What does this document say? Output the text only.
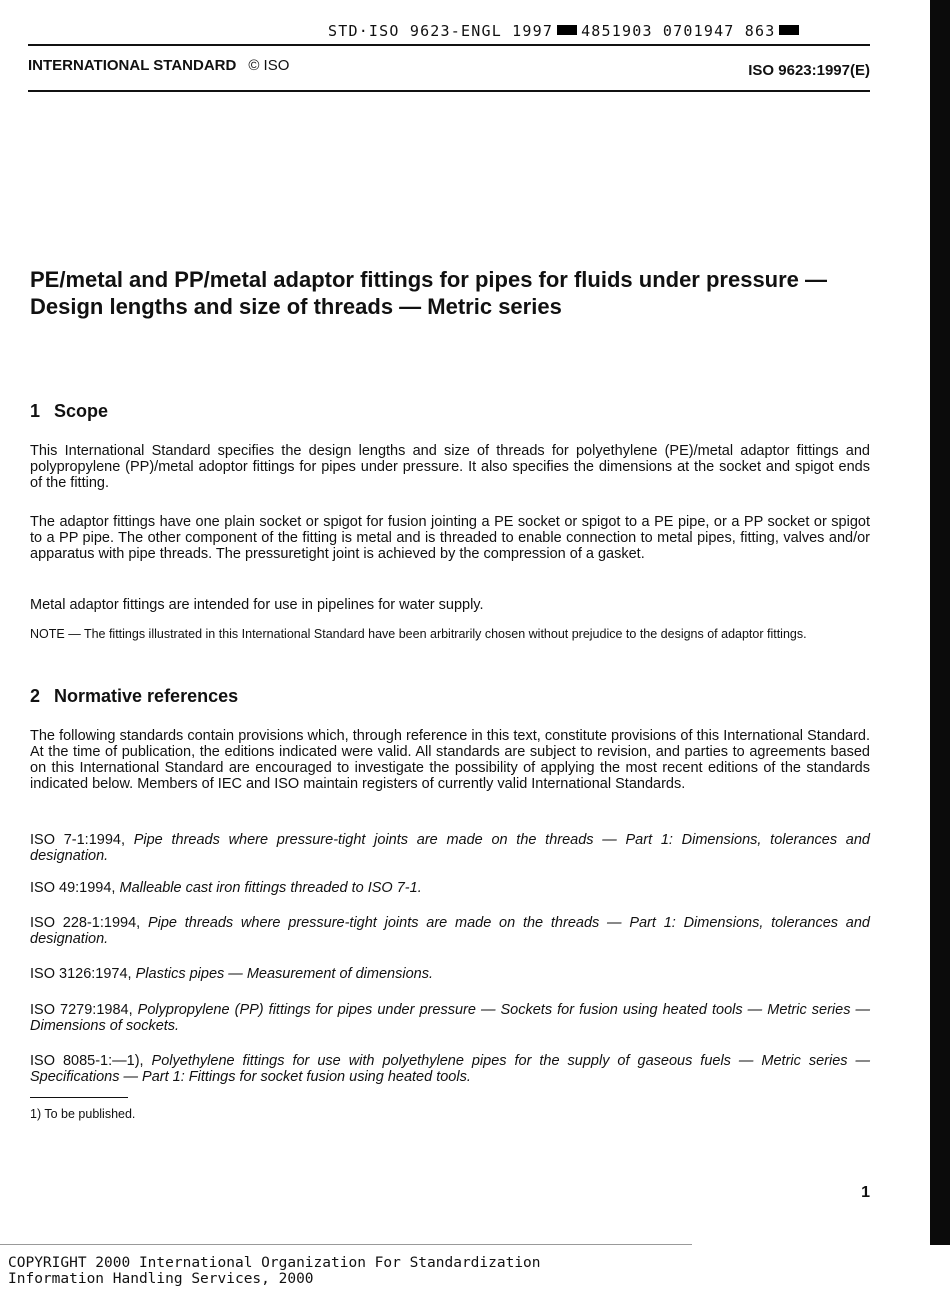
STD·ISO 9623-ENGL 1997 4851903 0701947 863
INTERNATIONAL STANDARD © ISO	ISO 9623:1997(E)
PE/metal and PP/metal adaptor fittings for pipes for fluids under pressure — Design lengths and size of threads — Metric series
1 Scope

This International Standard specifies the design lengths and size of threads for polyethylene (PE)/metal adaptor fittings and polypropylene (PP)/metal adoptor fittings for pipes under pressure. It also specifies the dimensions at the socket and spigot ends of the fitting.

The adaptor fittings have one plain socket or spigot for fusion jointing a PE socket or spigot to a PE pipe, or a PP socket or spigot to a PP pipe. The other component of the fitting is metal and is threaded to enable connection to metal pipes, fitting, valves and/or apparatus with pipe threads. The pressuretight joint is achieved by the compression of a gasket.

Metal adaptor fittings are intended for use in pipelines for water supply.

NOTE — The fittings illustrated in this International Standard have been arbitrarily chosen without prejudice to the designs of adaptor fittings.

2 Normative references

The following standards contain provisions which, through reference in this text, constitute provisions of this International Standard. At the time of publication, the editions indicated were valid. All standards are subject to revision, and parties to agreements based on this International Standard are encouraged to investigate the possibility of applying the most recent editions of the standards indicated below. Members of IEC and ISO maintain registers of currently valid International Standards.

ISO 7-1:1994, Pipe threads where pressure-tight joints are made on the threads — Part 1: Dimensions, tolerances and designation.

ISO 49:1994, Malleable cast iron fittings threaded to ISO 7-1.

ISO 228-1:1994, Pipe threads where pressure-tight joints are made on the threads — Part 1: Dimensions, tolerances and designation.

ISO 3126:1974, Plastics pipes — Measurement of dimensions.

ISO 7279:1984, Polypropylene (PP) fittings for pipes under pressure — Sockets for fusion using heated tools — Metric series — Dimensions of sockets.

ISO 8085-1:—1), Polyethylene fittings for use with polyethylene pipes for the supply of gaseous fuels — Metric series — Specifications — Part 1: Fittings for socket fusion using heated tools.

1) To be published.

1
COPYRIGHT 2000 International Organization For Standardization
Information Handling Services, 2000
